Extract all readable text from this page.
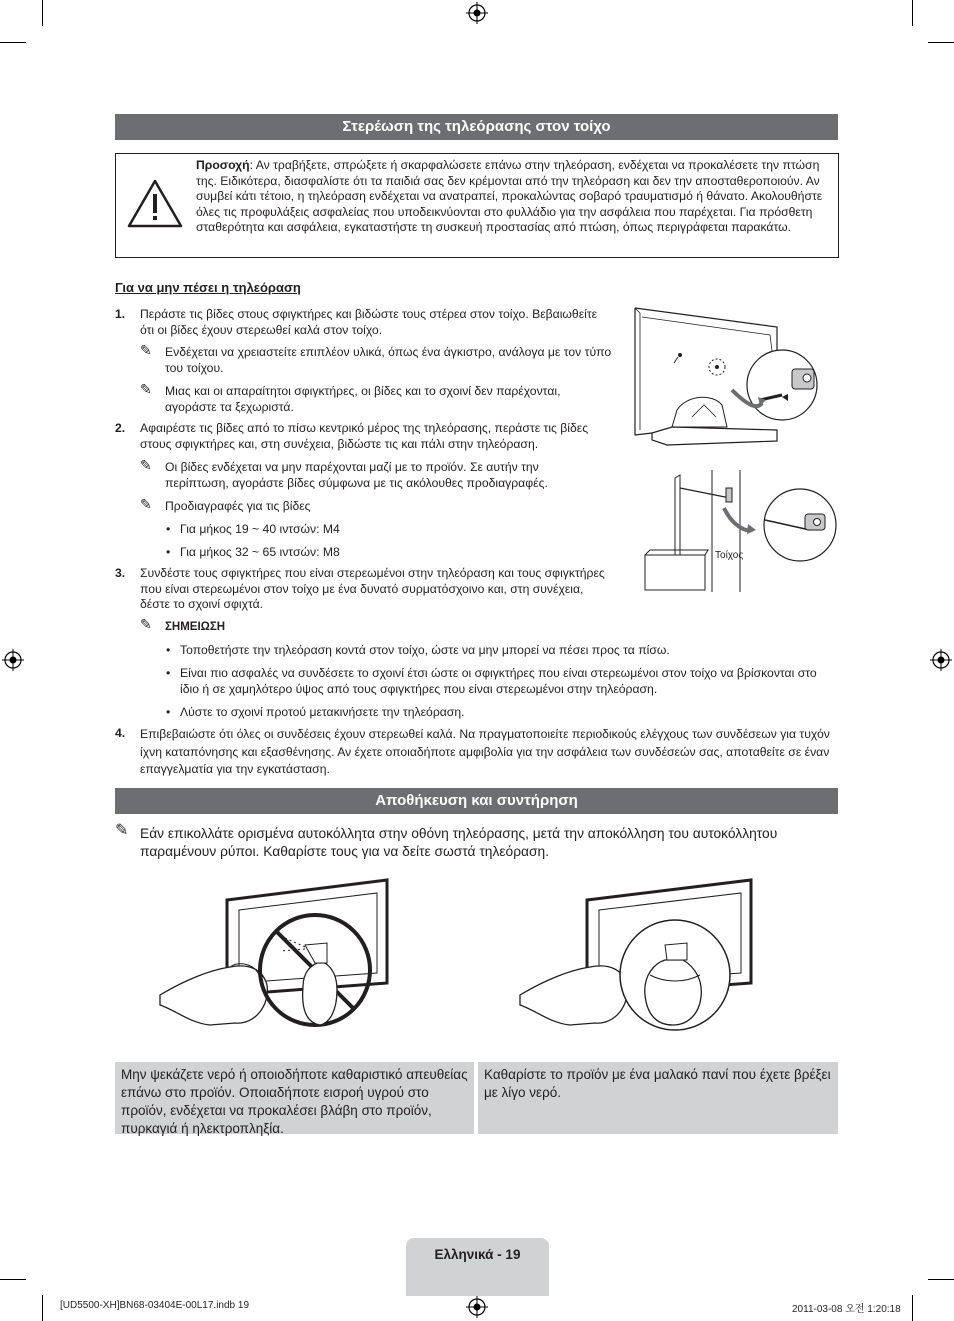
Στερέωση της τηλεόρασης στον τοίχο
Προσοχή: Αν τραβήξετε, σπρώξετε ή σκαρφαλώσετε επάνω στην τηλεόραση, ενδέχεται να προκαλέσετε την πτώση της. Ειδικότερα, διασφαλίστε ότι τα παιδιά σας δεν κρέμονται από την τηλεόραση και δεν την αποσταθεροποιούν. Αν συμβεί κάτι τέτοιο, η τηλεόραση ενδέχεται να ανατραπεί, προκαλώντας σοβαρό τραυματισμό ή θάνατο. Ακολουθήστε όλες τις προφυλάξεις ασφαλείας που υποδεικνύονται στο φυλλάδιο για την ασφάλεια που παρέχεται. Για πρόσθετη σταθερότητα και ασφάλεια, εγκαταστήστε τη συσκευή προστασίας από πτώση, όπως περιγράφεται παρακάτω.
Για να μην πέσει η τηλεόραση
1. Περάστε τις βίδες στους σφιγκτήρες και βιδώστε τους στέρεα στον τοίχο. Βεβαιωθείτε ότι οι βίδες έχουν στερεωθεί καλά στον τοίχο.
✎ Ενδέχεται να χρειαστείτε επιπλέον υλικά, όπως ένα άγκιστρο, ανάλογα με τον τύπο του τοίχου.
✎ Μιας και οι απαραίτητοι σφιγκτήρες, οι βίδες και το σχοινί δεν παρέχονται, αγοράστε τα ξεχωριστά.
2. Αφαιρέστε τις βίδες από το πίσω κεντρικό μέρος της τηλεόρασης, περάστε τις βίδες στους σφιγκτήρες και, στη συνέχεια, βιδώστε τις και πάλι στην τηλεόραση.
✎ Οι βίδες ενδέχεται να μην παρέχονται μαζί με το προϊόν. Σε αυτήν την περίπτωση, αγοράστε βίδες σύμφωνα με τις ακόλουθες προδιαγραφές.
✎ Προδιαγραφές για τις βίδες
• Για μήκος 19 ~ 40 ιντσών: M4
• Για μήκος 32 ~ 65 ιντσών: M8
3. Συνδέστε τους σφιγκτήρες που είναι στερεωμένοι στην τηλεόραση και τους σφιγκτήρες που είναι στερεωμένοι στον τοίχο με ένα δυνατό συρματόσχοινο και, στη συνέχεια, δέστε το σχοινί σφιχτά.
✎ ΣΗΜΕΙΩΣΗ
• Τοποθετήστε την τηλεόραση κοντά στον τοίχο, ώστε να μην μπορεί να πέσει προς τα πίσω.
• Είναι πιο ασφαλές να συνδέσετε το σχοινί έτσι ώστε οι σφιγκτήρες που είναι στερεωμένοι στον τοίχο να βρίσκονται στο ίδιο ή σε χαμηλότερο ύψος από τους σφιγκτήρες που είναι στερεωμένοι στην τηλεόραση.
• Λύστε το σχοινί προτού μετακινήσετε την τηλεόραση.
4. Επιβεβαιώστε ότι όλες οι συνδέσεις έχουν στερεωθεί καλά. Να πραγματοποιείτε περιοδικούς ελέγχους των συνδέσεων για τυχόν ίχνη καταπόνησης και εξασθένησης. Αν έχετε οποιαδήποτε αμφιβολία για την ασφάλεια των συνδέσεών σας, αποταθείτε σε έναν επαγγελματία για την εγκατάσταση.
Τοίχος
Αποθήκευση και συντήρηση
✎ Εάν επικολλάτε ορισμένα αυτοκόλλητα στην οθόνη τηλεόρασης, μετά την αποκόλληση του αυτοκόλλητου παραμένουν ρύποι. Καθαρίστε τους για να δείτε σωστά τηλεόραση.
Μην ψεκάζετε νερό ή οποιοδήποτε καθαριστικό απευθείας επάνω στο προϊόν. Οποιαδήποτε εισροή υγρού στο προϊόν, ενδέχεται να προκαλέσει βλάβη στο προϊόν, πυρκαγιά ή ηλεκτροπληξία.
Καθαρίστε το προϊόν με ένα μαλακό πανί που έχετε βρέξει με λίγο νερό.
Ελληνικά - 19
[UD5500-XH]BN68-03404E-00L17.indb 19	2011-03-08 오전 1:20:18
